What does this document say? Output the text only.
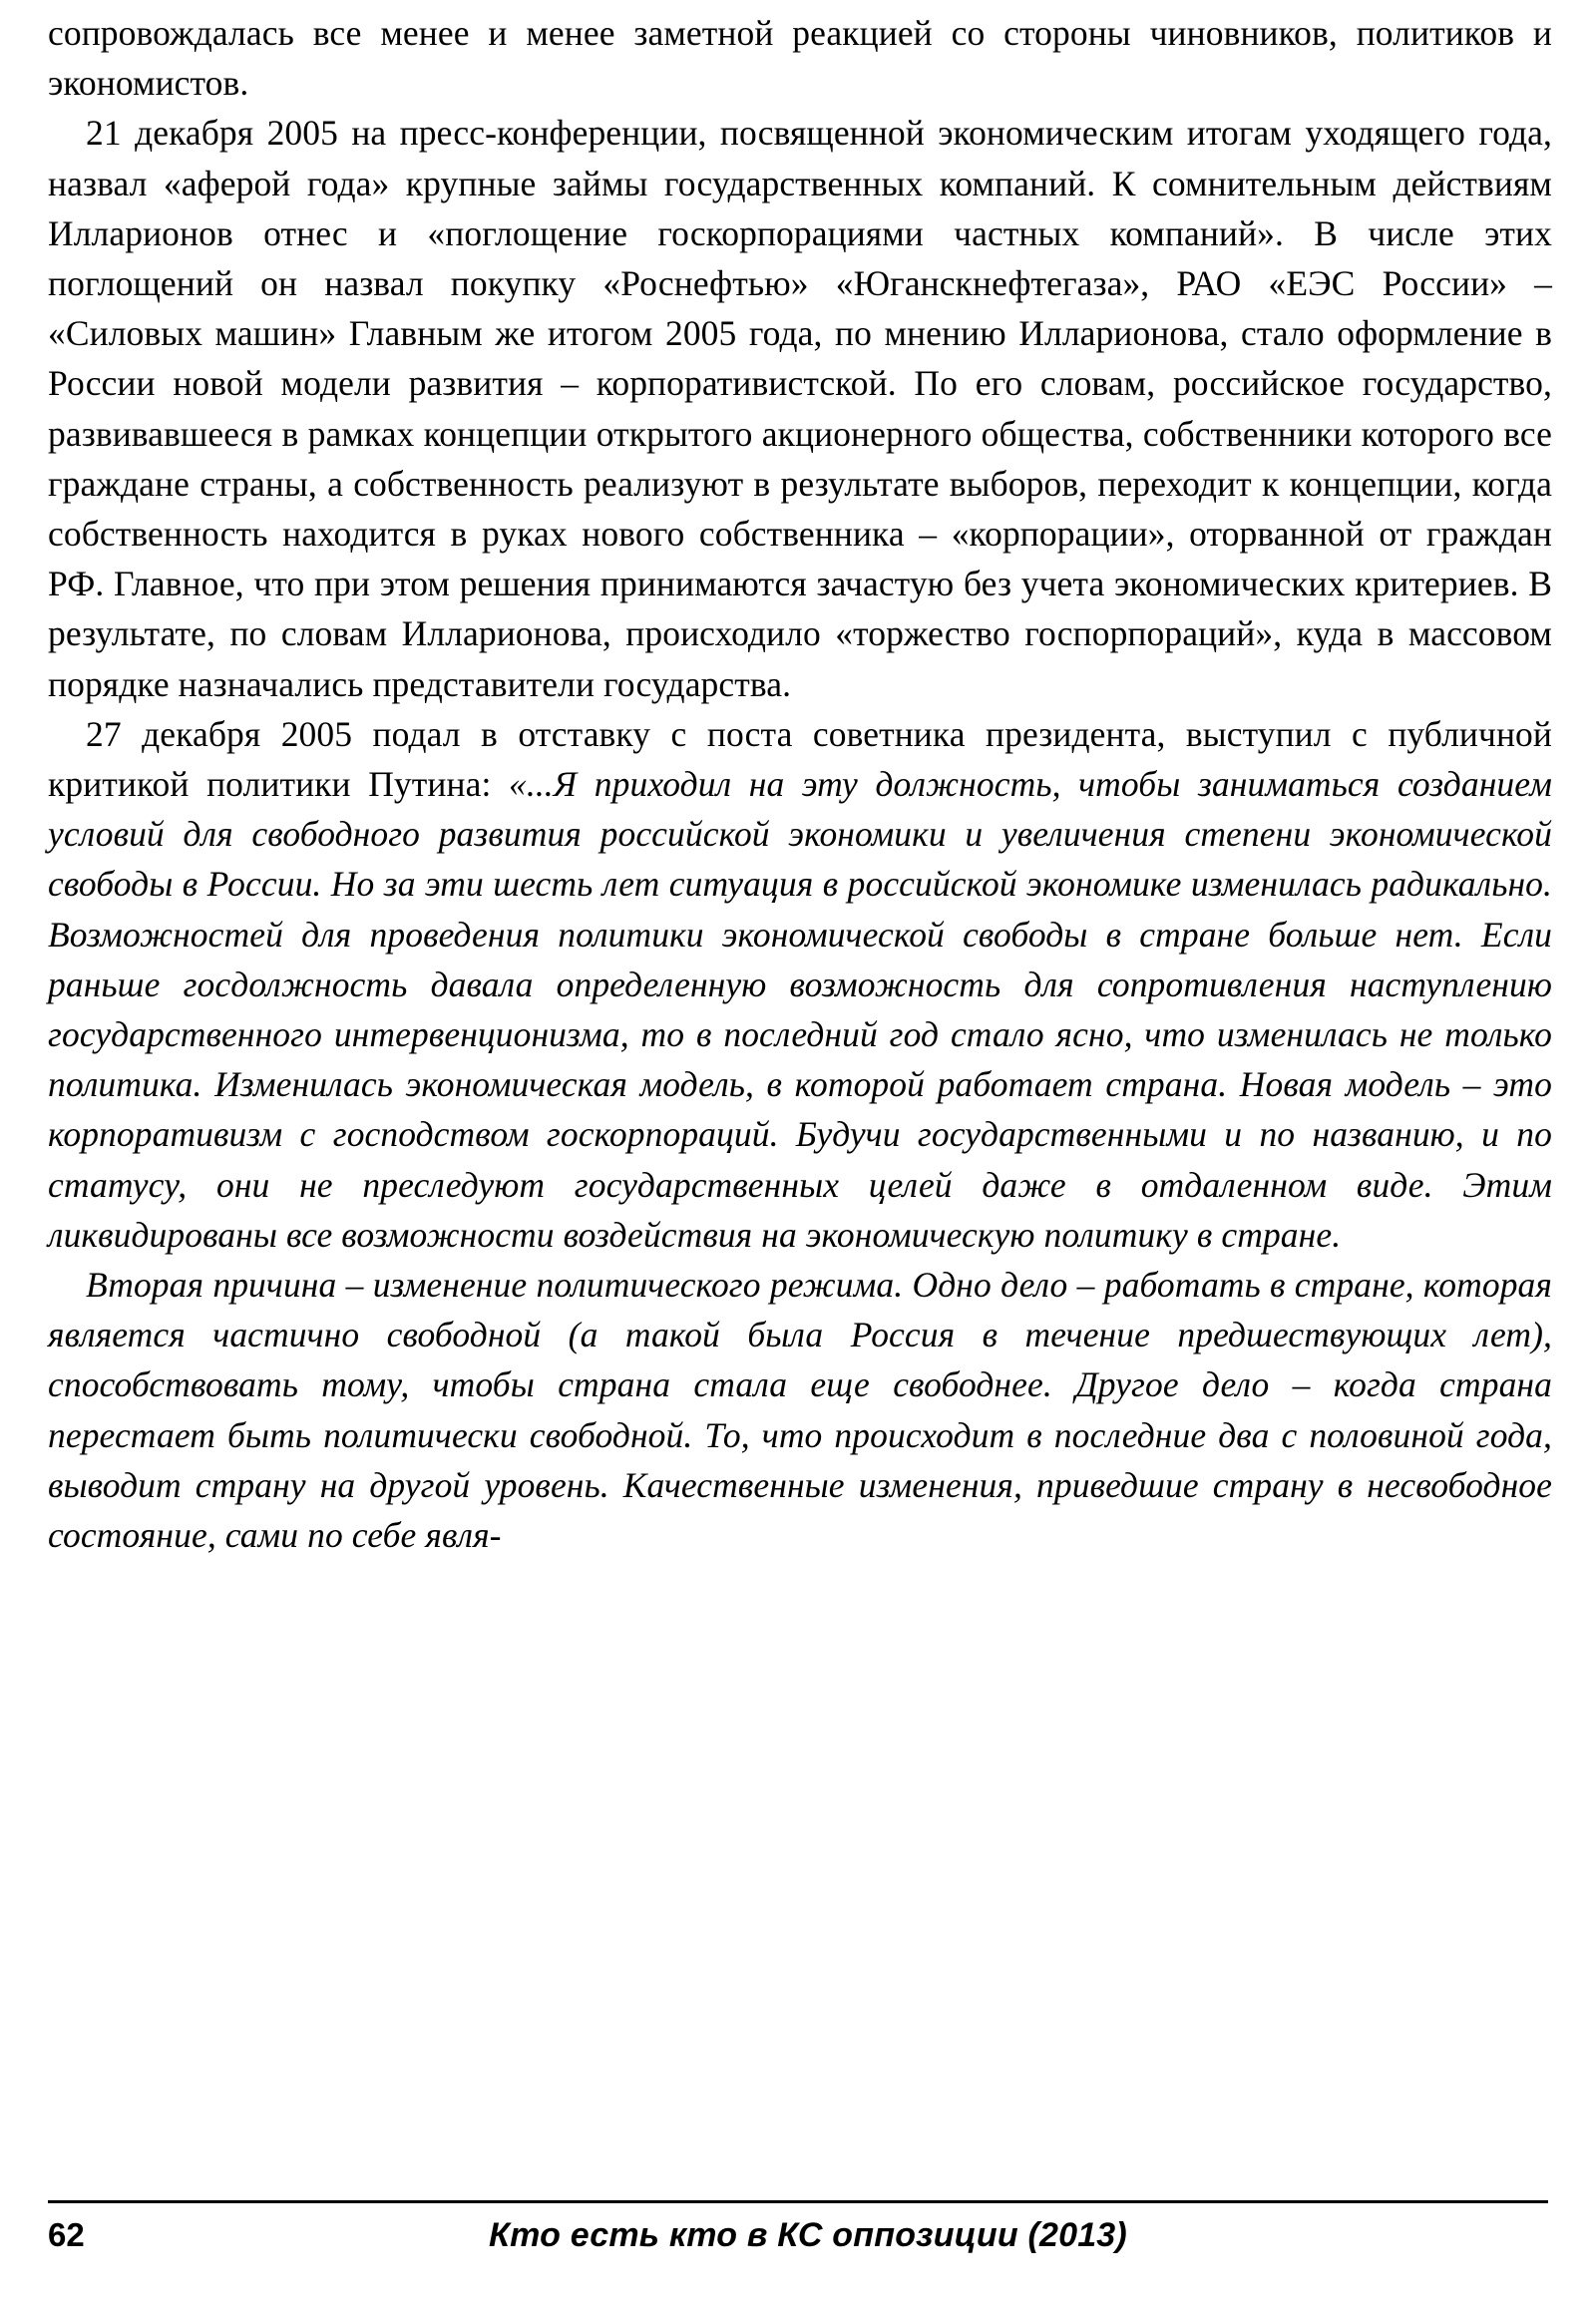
сопровождалась все менее и менее заметной реакцией со стороны чиновников, политиков и экономистов.

21 декабря 2005 на пресс-конференции, посвященной экономическим итогам уходящего года, назвал «аферой года» крупные займы государственных компаний. К сомнительным действиям Илларионов отнес и «поглощение госкорпорациями частных компаний». В числе этих поглощений он назвал покупку «Роснефтью» «Юганскнефтегаза», РАО «ЕЭС России» – «Силовых машин» Главным же итогом 2005 года, по мнению Илларионова, стало оформление в России новой модели развития – корпоративистской. По его словам, российское государство, развивавшееся в рамках концепции открытого акционерного общества, собственники которого все граждане страны, а собственность реализуют в результате выборов, переходит к концепции, когда собственность находится в руках нового собственника – «корпорации», оторванной от граждан РФ. Главное, что при этом решения принимаются зачастую без учета экономических критериев. В результате, по словам Илларионова, происходило «торжество госпорпораций», куда в массовом порядке назначались представители государства.

27 декабря 2005 подал в отставку с поста советника президента, выступил с публичной критикой политики Путина: «...Я приходил на эту должность, чтобы заниматься созданием условий для свободного развития российской экономики и увеличения степени экономической свободы в России. Но за эти шесть лет ситуация в российской экономике изменилась радикально. Возможностей для проведения политики экономической свободы в стране больше нет. Если раньше госдолжность давала определенную возможность для сопротивления наступлению государственного интервенционизма, то в последний год стало ясно, что изменилась не только политика. Изменилась экономическая модель, в которой работает страна. Новая модель – это корпоративизм с господством госкорпораций. Будучи государственными и по названию, и по статусу, они не преследуют государственных целей даже в отдаленном виде. Этим ликвидированы все возможности воздействия на экономическую политику в стране.

Вторая причина – изменение политического режима. Одно дело – работать в стране, которая является частично свободной (а такой была Россия в течение предшествующих лет), способствовать тому, чтобы страна стала еще свободнее. Другое дело – когда страна перестает быть политически свободной. То, что происходит в последние два с половиной года, выводит страну на другой уровень. Качественные изменения, приведшие страну в несвободное состояние, сами по себе явля-

62	Кто есть кто в КС оппозиции (2013)
